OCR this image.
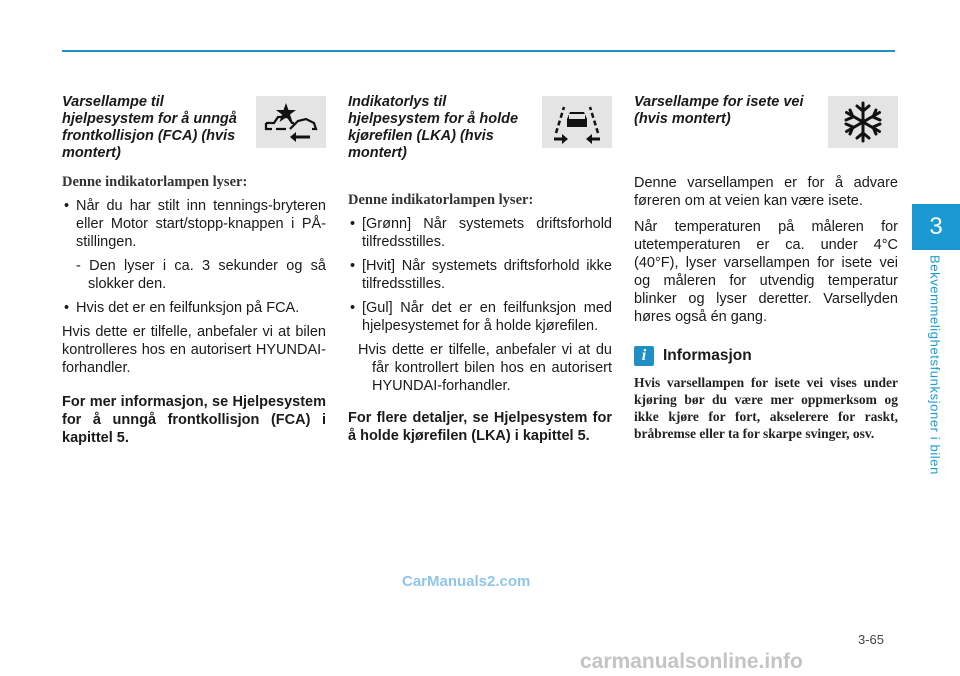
Varsellampe til hjelpesystem for å unngå frontkollisjon (FCA) (hvis montert)

Denne indikatorlampen lyser:

• Når du har stilt inn tennings-bryteren eller Motor start/stopp-knappen i PÅ-stillingen.

- Den lyser i ca. 3 sekunder og så slokker den.

• Hvis det er en feilfunksjon på FCA.

Hvis dette er tilfelle, anbefaler vi at bilen kontrolleres hos en autorisert HYUNDAI-forhandler.

For mer informasjon, se Hjelpesystem for å unngå frontkollisjon (FCA) i kapittel 5.

Indikatorlys til hjelpesystem for å holde kjørefilen (LKA) (hvis montert)

Denne indikatorlampen lyser:

• [Grønn] Når systemets driftsforhold tilfredsstilles.
• [Hvit] Når systemets driftsforhold ikke tilfredsstilles.
• [Gul] Når det er en feilfunksjon med hjelpesystemet for å holde kjørefilen.

Hvis dette er tilfelle, anbefaler vi at du får kontrollert bilen hos en autorisert HYUNDAI-forhandler.

For flere detaljer, se Hjelpesystem for å holde kjørefilen (LKA) i kapittel 5.

Varsellampe for isete vei (hvis montert)

Denne varsellampen er for å advare føreren om at veien kan være isete.

Når temperaturen på måleren for utetemperaturen er ca. under 4°C (40°F), lyser varsellampen for isete vei og måleren for utvendig temperatur blinker og lyser deretter. Varsellyden høres også én gang.

i	Informasjon

Hvis varsellampen for isete vei vises under kjøring bør du være mer oppmerksom og ikke kjøre for fort, akselerere for raskt, bråbremse eller ta for skarpe svinger, osv.

3
Bekvemmelighetsfunksjoner i bilen
3-65
CarManuals2.com
carmanualsonline.info
